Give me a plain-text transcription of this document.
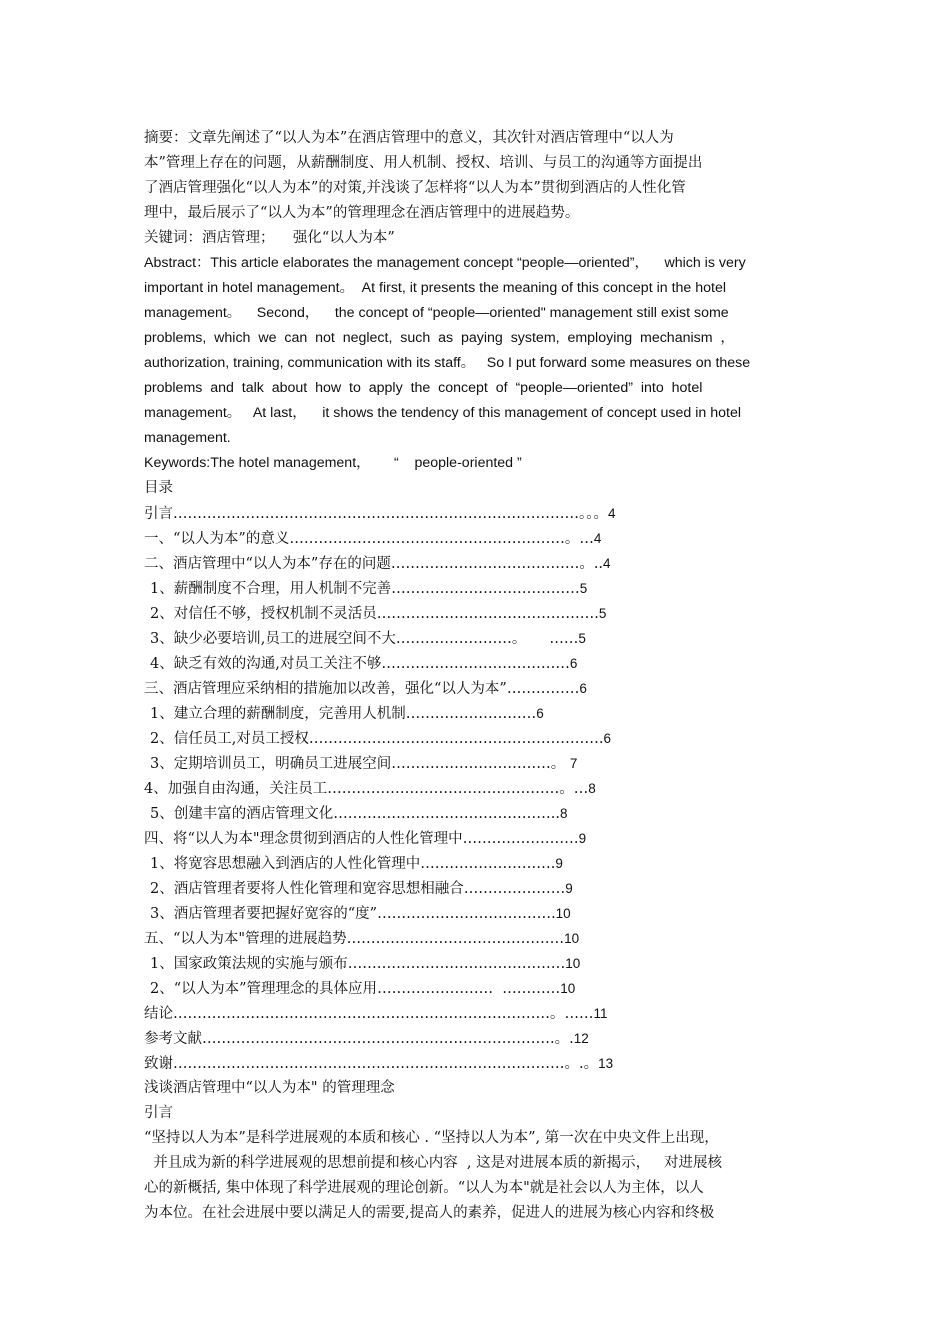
摘要：文章先阐述了“以人为本”在酒店管理中的意义，其次针对酒店管理中“以人为
本”管理上存在的问题，从薪酬制度、用人机制、授权、培训、与员工的沟通等方面提出
了酒店管理强化“以人为本”的对策,并浅谈了怎样将“以人为本”贯彻到酒店的人性化管
理中，最后展示了“以人为本”的管理理念在酒店管理中的进展趋势。
关键词：酒店管理；    强化“以人为本”
Abstract：This article elaborates the management concept “people—oriented”，    which is very
important in hotel management。  At first, it presents the meaning of this concept in the hotel
management。    Second，    the concept of “people—oriented" management still exist some
problems,  which  we  can  not  neglect,  such  as  paying  system,  employing  mechanism  ，
authorization, training, communication with its staff。   So I put forward some measures on these
problems  and  talk  about  how  to  apply  the  concept  of  “people—oriented”  into  hotel
management。   At last，    it shows the tendency of this management of concept used in hotel
management.
Keywords:The hotel management，      “    people-oriented ”
目录
引言…………………………………………………………………………。。。4
一、“以人为本”的意义…………………………………………………。…4
二、酒店管理中“以人为本”存在的问题…………………………………。..4
1、薪酬制度不合理，用人机制不完善…………………………………5
2、对信任不够，授权机制不灵活员……………………………………….5
3、缺少必要培训,员工的进展空间不大……………………。     ……5
4、缺乏有效的沟通,对员工关注不够…………………………………6
三、酒店管理应采纳相的措施加以改善，强化“以人为本”……………6
1、建立合理的薪酬制度，完善用人机制………………………6
2、信任员工,对员工授权…………………………………………………….6
3、定期培训员工，明确员工进展空间……………………………。 7
4、加强自由沟通，关注员工…………………………………………。…8
5、创建丰富的酒店管理文化………………………………………..8
四、将“以人为本"理念贯彻到酒店的人性化管理中……………………9
1、将宽容思想融入到酒店的人性化管理中……………………….9
2、酒店管理者要将人性化管理和宽容思想相融合…………………9
3、酒店管理者要把握好宽容的“度”……………………………….10
五、“以人为本"管理的进展趋势………………………………………10
1、国家政策法规的实施与颁布………………………………………10
2、“以人为本”管理理念的具体应用……………………  …………10
结论……………………………………………………………………。……11
参考文献……………………………………………………………….。.12
致谢………………………………………………………………………。.。13
浅谈酒店管理中“以人为本" 的管理理念
引言
“坚持以人为本”是科学进展观的本质和核心 . “坚持以人为本”, 第一次在中央文件上出现，
并且成为新的科学进展观的思想前提和核心内容  , 这是对进展本质的新揭示，   对进展核
心的新概括, 集中体现了科学进展观的理论创新。“以人为本"就是社会以人为主体，以人
为本位。在社会进展中要以满足人的需要,提高人的素养，促进人的进展为核心内容和终极
